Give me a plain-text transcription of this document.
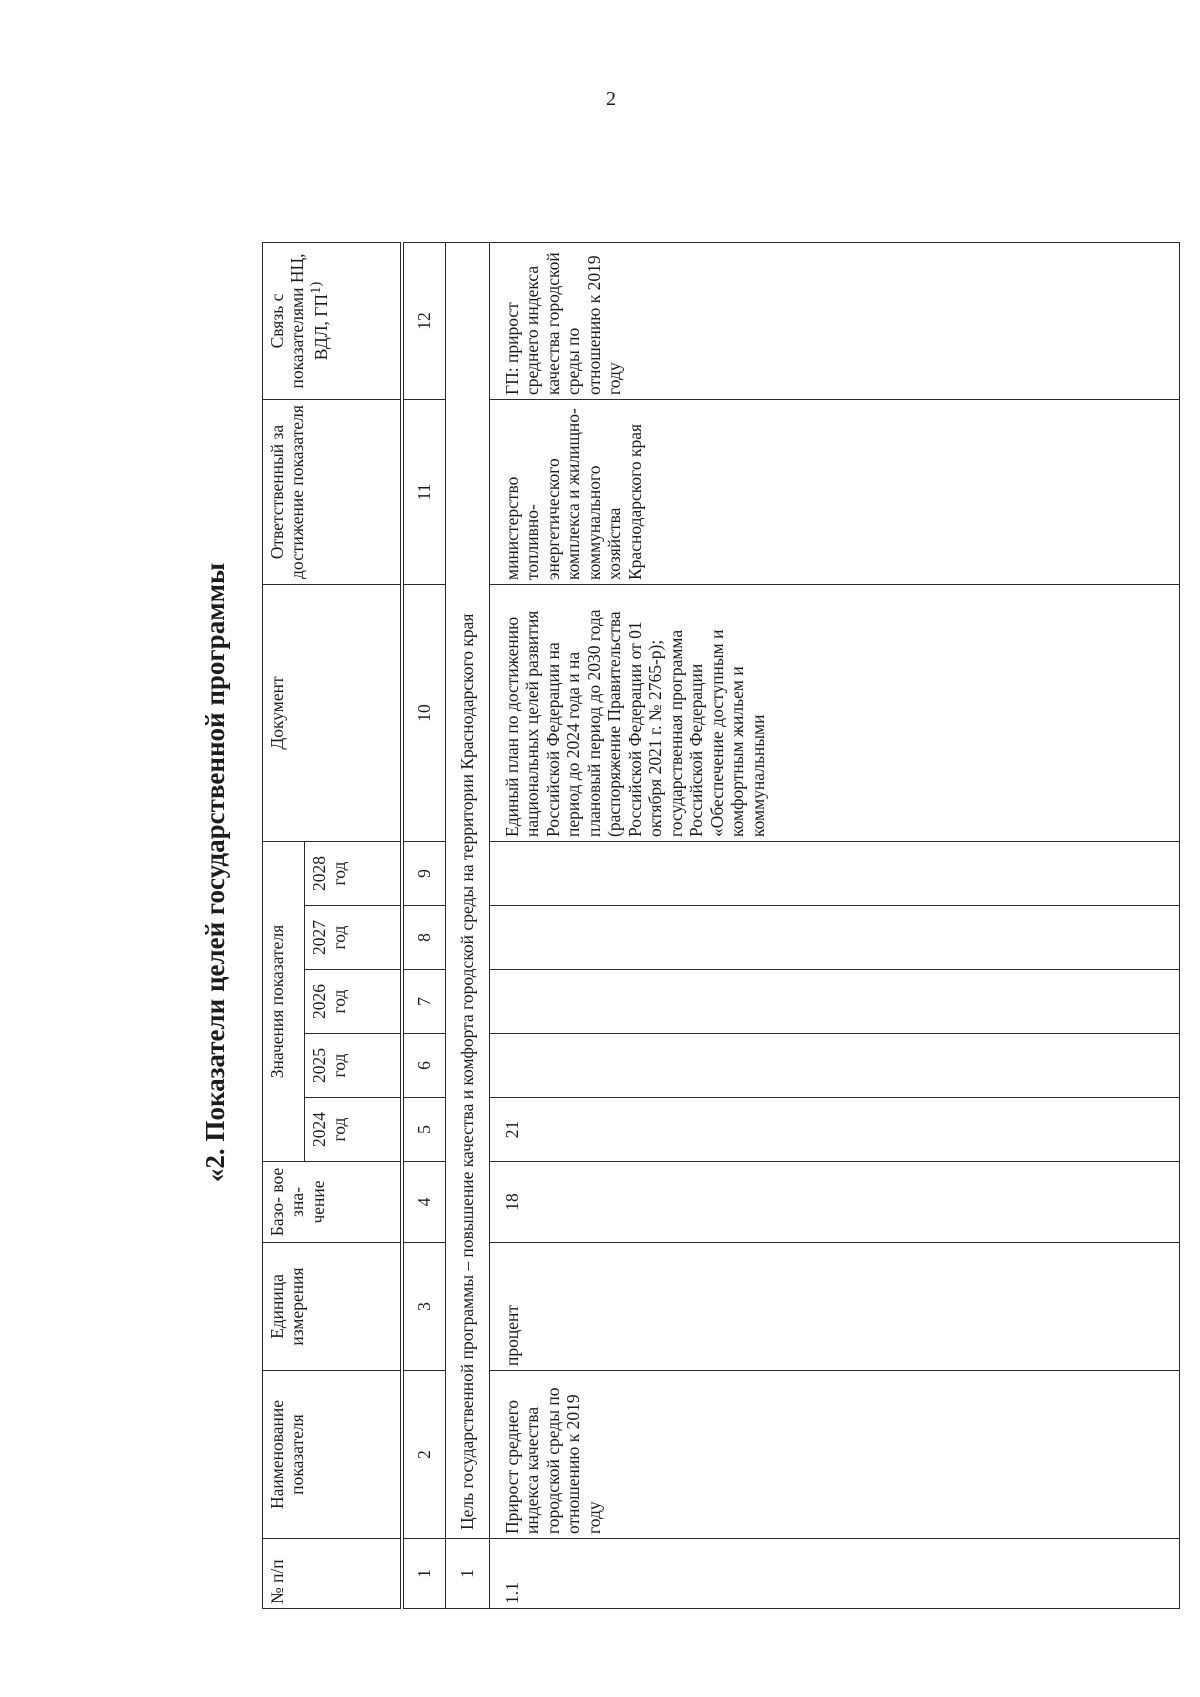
2
«2. Показатели целей государственной программы
№ п/п	Наименование показателя	Единица измерения	Базо- вое зна- чение	Значения показателя					Документ	Ответственный за достижение показателя	Связь с показателями НЦ, ВДЛ, ГП$^{1)}$
				2024 год	2025 год	2026 год	2027 год	2028 год			
1	2	3	4	5	6	7	8	9	10	11	12
1	Цель государственной программы – повышение качества и комфорта городской среды на территории Краснодарского края										
1.1	Прирост среднего индекса качества городской среды по отношению к 2019 году	процент	18	21					Единый план по достижению национальных целей развития Российской Федерации на период до 2024 года и на плановый период до 2030 года (распоряжение Правительства Российской Федерации от 01 октября 2021 г. № 2765-р); государственная программа Российской Федерации «Обеспечение доступным и комфортным жильем и коммунальными	министерство топливно-энергетического комплекса и жилищно-коммунального хозяйства Краснодарского края	ГП: прирост среднего индекса качества городской среды по отношению к 2019 году
